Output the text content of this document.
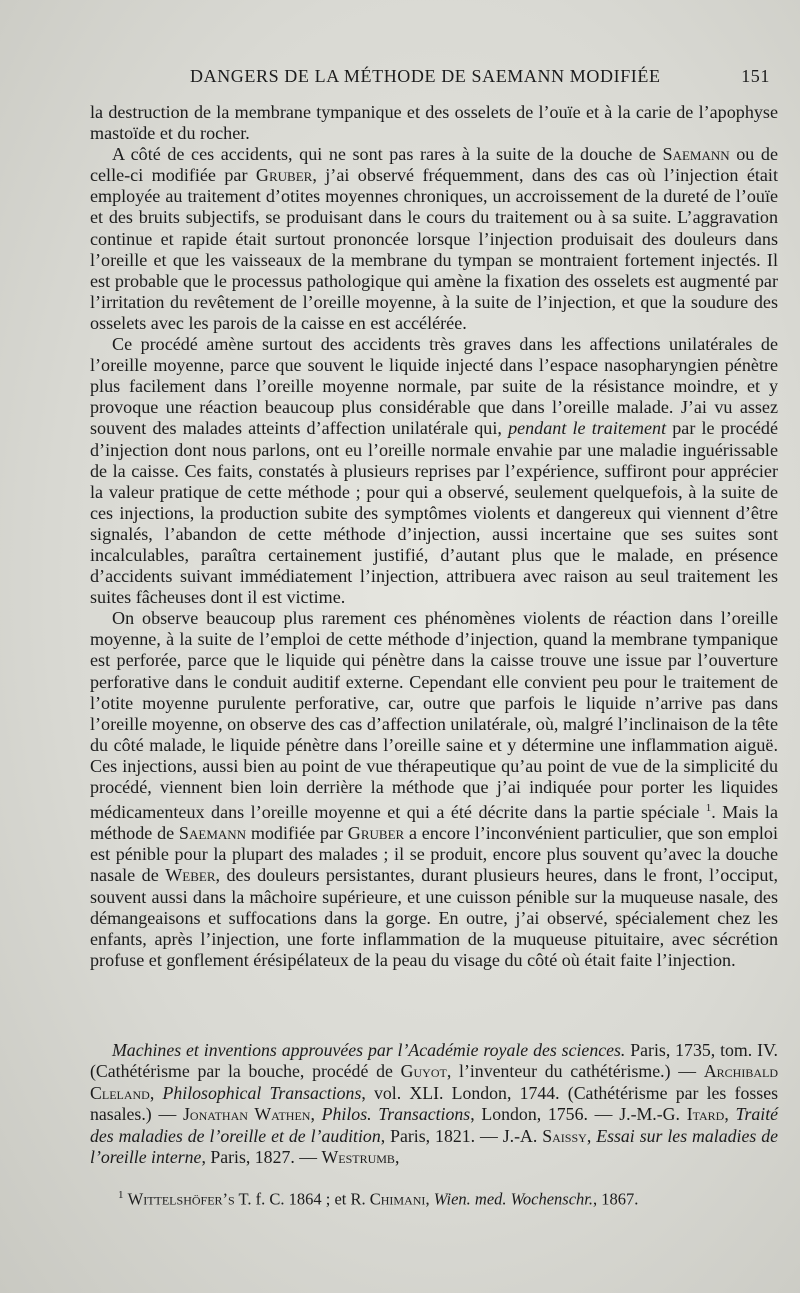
DANGERS DE LA MÉTHODE DE SAEMANN MODIFIÉE	151

la destruction de la membrane tympanique et des osselets de l’ouïe et à la carie de l’apophyse mastoïde et du rocher.

A côté de ces accidents, qui ne sont pas rares à la suite de la douche de Saemann ou de celle-ci modifiée par Gruber, j’ai observé fréquemment, dans des cas où l’injection était employée au traitement d’otites moyennes chroniques, un accroissement de la dureté de l’ouïe et des bruits subjectifs, se produisant dans le cours du traitement ou à sa suite. L’aggravation continue et rapide était surtout prononcée lorsque l’injection produisait des douleurs dans l’oreille et que les vaisseaux de la membrane du tympan se montraient fortement injectés. Il est probable que le processus pathologique qui amène la fixation des osselets est augmenté par l’irritation du revêtement de l’oreille moyenne, à la suite de l’injection, et que la soudure des osselets avec les parois de la caisse en est accélérée.

Ce procédé amène surtout des accidents très graves dans les affections unilatérales de l’oreille moyenne, parce que souvent le liquide injecté dans l’espace nasopharyngien pénètre plus facilement dans l’oreille moyenne normale, par suite de la résistance moindre, et y provoque une réaction beaucoup plus considérable que dans l’oreille malade. J’ai vu assez souvent des malades atteints d’affection unilatérale qui, pendant le traitement par le procédé d’injection dont nous parlons, ont eu l’oreille normale envahie par une maladie inguérissable de la caisse. Ces faits, constatés à plusieurs reprises par l’expérience, suffiront pour apprécier la valeur pratique de cette méthode ; pour qui a observé, seulement quelquefois, à la suite de ces injections, la production subite des symptômes violents et dangereux qui viennent d’être signalés, l’abandon de cette méthode d’injection, aussi incertaine que ses suites sont incalculables, paraîtra certainement justifié, d’autant plus que le malade, en présence d’accidents suivant immédiatement l’injection, attribuera avec raison au seul traitement les suites fâcheuses dont il est victime.

On observe beaucoup plus rarement ces phénomènes violents de réaction dans l’oreille moyenne, à la suite de l’emploi de cette méthode d’injection, quand la membrane tympanique est perforée, parce que le liquide qui pénètre dans la caisse trouve une issue par l’ouverture perforative dans le conduit auditif externe. Cependant elle convient peu pour le traitement de l’otite moyenne purulente perforative, car, outre que parfois le liquide n’arrive pas dans l’oreille moyenne, on observe des cas d’affection unilatérale, où, malgré l’inclinaison de la tête du côté malade, le liquide pénètre dans l’oreille saine et y détermine une inflammation aiguë. Ces injections, aussi bien au point de vue thérapeutique qu’au point de vue de la simplicité du procédé, viennent bien loin derrière la méthode que j’ai indiquée pour porter les liquides médicamenteux dans l’oreille moyenne et qui a été décrite dans la partie spéciale $^1$. Mais la méthode de Saemann modifiée par Gruber a encore l’inconvénient particulier, que son emploi est pénible pour la plupart des malades ; il se produit, encore plus souvent qu’avec la douche nasale de Weber, des douleurs persistantes, durant plusieurs heures, dans le front, l’occiput, souvent aussi dans la mâchoire supérieure, et une cuisson pénible sur la muqueuse nasale, des démangeaisons et suffocations dans la gorge. En outre, j’ai observé, spécialement chez les enfants, après l’injection, une forte inflammation de la muqueuse pituitaire, avec sécrétion profuse et gonflement érésipélateux de la peau du visage du côté où était faite l’injection.

Machines et inventions approuvées par l’Académie royale des sciences. Paris, 1735, tom. IV. (Cathétérisme par la bouche, procédé de Guyot, l’inventeur du cathétérisme.) — Archibald Cleland, Philosophical Transactions, vol. XLI. London, 1744. (Cathétérisme par les fosses nasales.) — Jonathan Wathen, Philos. Transactions, London, 1756. — J.-M.-G. Itard, Traité des maladies de l’oreille et de l’audition, Paris, 1821. — J.-A. Saissy, Essai sur les maladies de l’oreille interne, Paris, 1827. — Westrumb,

$^1$ Wittelshöfer’s T. f. C. 1864 ; et R. Chimani, Wien. med. Wochenschr., 1867.
